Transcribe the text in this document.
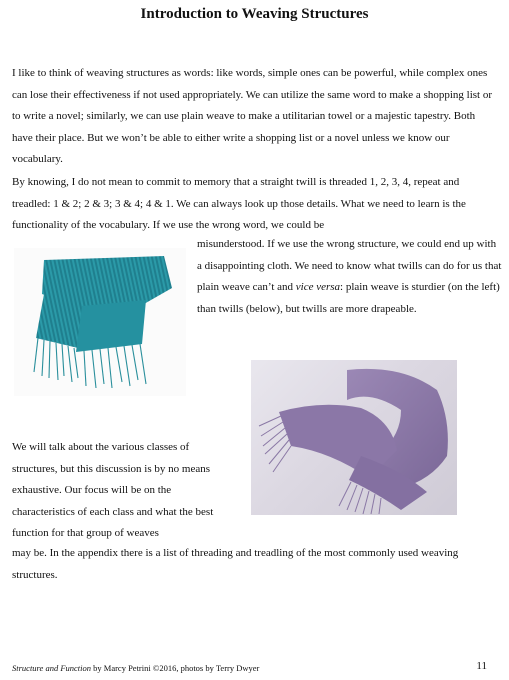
Introduction to Weaving Structures

I like to think of weaving structures as words: like words, simple ones can be powerful, while complex ones can lose their effectiveness if not used appropriately. We can utilize the same word to make a shopping list or to write a novel; similarly, we can use plain weave to make a utilitarian towel or a majestic tapestry. Both have their place. But we won’t be able to either write a shopping list or a novel unless we know our vocabulary.

By knowing, I do not mean to commit to memory that a straight twill is threaded 1, 2, 3, 4, repeat and treadled: 1 & 2; 2 & 3; 3 & 4; 4 & 1. We can always look up those details. What we need to learn is the functionality of the vocabulary. If we use the wrong word, we could be

misunderstood. If we use the wrong structure, we could end up with a disappointing cloth. We need to know what twills can do for us that plain weave can’t and vice versa: plain weave is sturdier (on the left) than twills (below), but twills are more drapeable.

We will talk about the various classes of structures, but this discussion is by no means exhaustive. Our focus will be on the characteristics of each class and what the best function for that group of weaves

may be. In the appendix there is a list of threading and treadling of the most commonly used weaving structures.

Structure and Function by Marcy Petrini ©2016, photos by Terry Dwyer	11
